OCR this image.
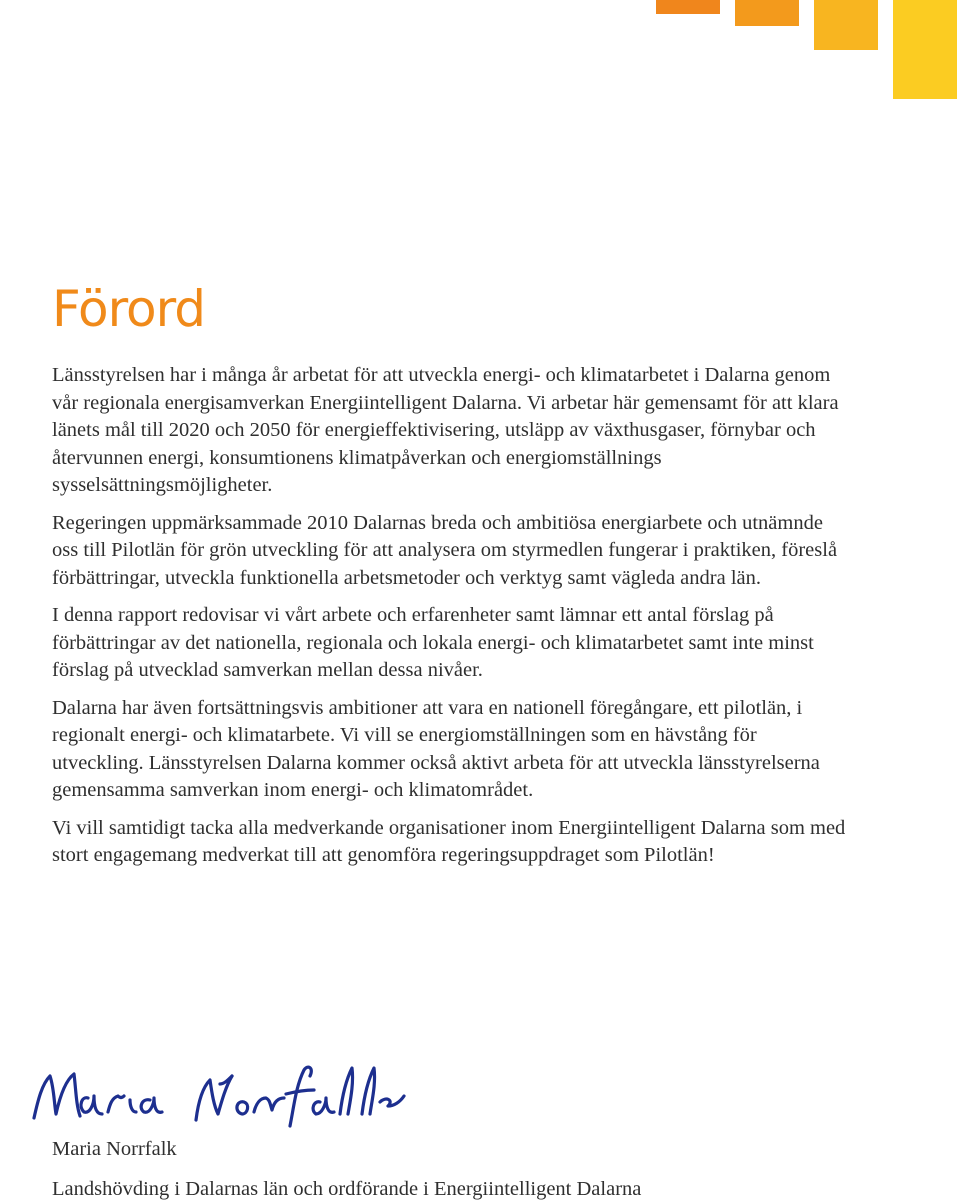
Förord

Länsstyrelsen har i många år arbetat för att utveckla energi- och klimatarbetet i Dalarna genom vår regionala energisamverkan Energiintelligent Dalarna. Vi arbetar här gemensamt för att klara länets mål till 2020 och 2050 för energieffektivisering, utsläpp av växthusgaser, förnybar och återvunnen energi, konsumtionens klimatpåverkan och energiomställnings sysselsättningsmöjligheter.

Regeringen uppmärksammade 2010 Dalarnas breda och ambitiösa energiarbete och utnämnde oss till Pilotlän för grön utveckling för att analysera om styrmedlen fungerar i praktiken, föreslå förbättringar, utveckla funktionella arbetsmetoder och verktyg samt vägleda andra län.

I denna rapport redovisar vi vårt arbete och erfarenheter samt lämnar ett antal förslag på förbättringar av det nationella, regionala och lokala energi- och klimatarbetet samt inte minst förslag på utvecklad samverkan mellan dessa nivåer.

Dalarna har även fortsättningsvis ambitioner att vara en nationell föregångare, ett pilotlän, i regionalt energi- och klimatarbete. Vi vill se energiomställningen som en hävstång för utveckling. Länsstyrelsen Dalarna kommer också aktivt arbeta för att utveckla länsstyrelserna gemensamma samverkan inom energi- och klimatområdet.

Vi vill samtidigt tacka alla medverkande organisationer inom Energiintelligent Dalarna som med stort engagemang medverkat till att genomföra regeringsuppdraget som Pilotlän!

Maria Norrfalk
Landshövding i Dalarnas län och ordförande i Energiintelligent Dalarna
